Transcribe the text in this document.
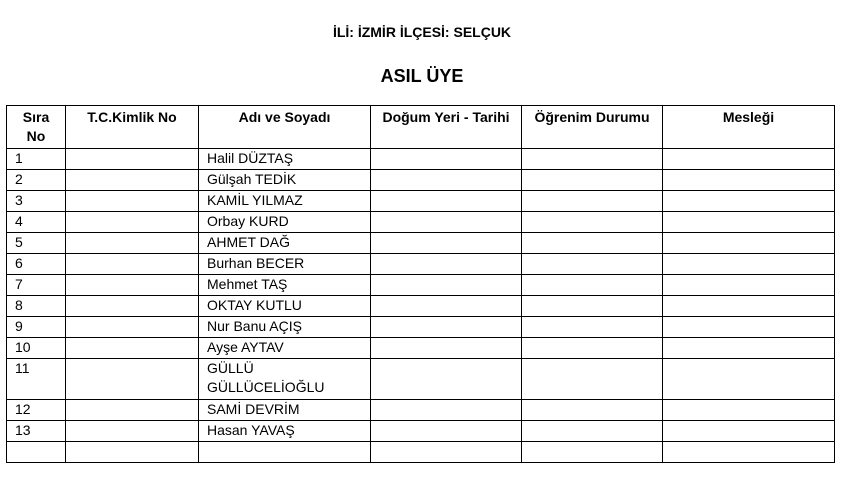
İLİ: İZMİR İLÇESİ: SELÇUK
ASIL ÜYE
Sıra No	T.C.Kimlik No	Adı ve Soyadı	Doğum Yeri - Tarihi	Öğrenim Durumu	Mesleği
1		Halil DÜZTAŞ			
2		Gülşah TEDİK			
3		KAMİL YILMAZ			
4		Orbay KURD			
5		AHMET DAĞ			
6		Burhan BECER			
7		Mehmet TAŞ			
8		OKTAY KUTLU			
9		Nur Banu AÇIŞ			
10		Ayşe AYTAV			
11		GÜLLÜ GÜLLÜCELİOĞLU			
12		SAMİ DEVRİM			
13		Hasan YAVAŞ			
